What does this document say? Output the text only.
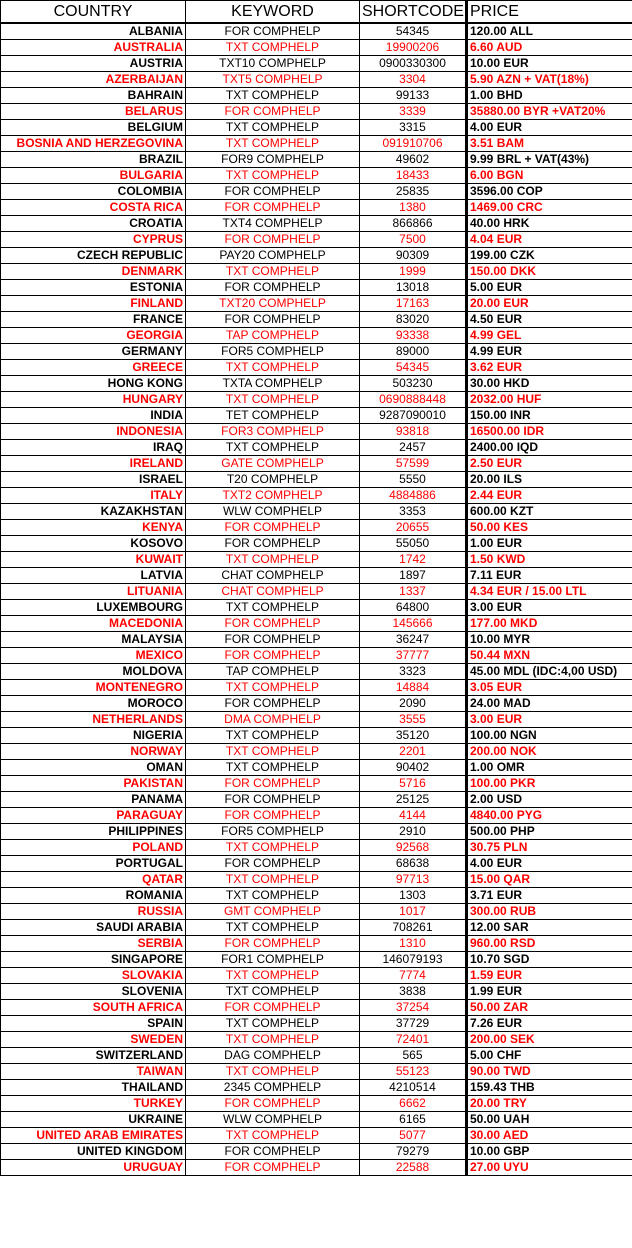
COUNTRY	KEYWORD	SHORTCODE	PRICE
ALBANIA	FOR COMPHELP	54345	120.00 ALL
AUSTRALIA	TXT COMPHELP	19900206	6.60 AUD
AUSTRIA	TXT10 COMPHELP	0900330300	10.00 EUR
AZERBAIJAN	TXT5 COMPHELP	3304	5.90 AZN + VAT(18%)
BAHRAIN	TXT COMPHELP	99133	1.00 BHD
BELARUS	FOR COMPHELP	3339	35880.00 BYR +VAT20%
BELGIUM	TXT COMPHELP	3315	4.00 EUR
BOSNIA AND HERZEGOVINA	TXT COMPHELP	091910706	3.51 BAM
BRAZIL	FOR9 COMPHELP	49602	9.99 BRL + VAT(43%)
BULGARIA	TXT COMPHELP	18433	6.00 BGN
COLOMBIA	FOR COMPHELP	25835	3596.00 COP
COSTA RICA	FOR COMPHELP	1380	1469.00 CRC
CROATIA	TXT4 COMPHELP	866866	40.00 HRK
CYPRUS	FOR COMPHELP	7500	4.04 EUR
CZECH REPUBLIC	PAY20 COMPHELP	90309	199.00 CZK
DENMARK	TXT COMPHELP	1999	150.00 DKK
ESTONIA	FOR COMPHELP	13018	5.00 EUR
FINLAND	TXT20 COMPHELP	17163	20.00 EUR
FRANCE	FOR COMPHELP	83020	4.50 EUR
GEORGIA	TAP COMPHELP	93338	4.99 GEL
GERMANY	FOR5 COMPHELP	89000	4.99 EUR
GREECE	TXT COMPHELP	54345	3.62 EUR
HONG KONG	TXTA COMPHELP	503230	30.00 HKD
HUNGARY	TXT COMPHELP	0690888448	2032.00 HUF
INDIA	TET COMPHELP	9287090010	150.00 INR
INDONESIA	FOR3 COMPHELP	93818	16500.00 IDR
IRAQ	TXT COMPHELP	2457	2400.00 IQD
IRELAND	GATE COMPHELP	57599	2.50 EUR
ISRAEL	T20 COMPHELP	5550	20.00 ILS
ITALY	TXT2 COMPHELP	4884886	2.44 EUR
KAZAKHSTAN	WLW COMPHELP	3353	600.00 KZT
KENYA	FOR COMPHELP	20655	50.00 KES
KOSOVO	FOR COMPHELP	55050	1.00 EUR
KUWAIT	TXT COMPHELP	1742	1.50 KWD
LATVIA	CHAT COMPHELP	1897	7.11 EUR
LITUANIA	CHAT COMPHELP	1337	4.34 EUR / 15.00 LTL
LUXEMBOURG	TXT COMPHELP	64800	3.00 EUR
MACEDONIA	FOR COMPHELP	145666	177.00 MKD
MALAYSIA	FOR COMPHELP	36247	10.00 MYR
MEXICO	FOR COMPHELP	37777	50.44 MXN
MOLDOVA	TAP COMPHELP	3323	45.00 MDL (IDC:4,00 USD)
MONTENEGRO	TXT COMPHELP	14884	3.05 EUR
MOROCO	FOR COMPHELP	2090	24.00 MAD
NETHERLANDS	DMA COMPHELP	3555	3.00 EUR
NIGERIA	TXT COMPHELP	35120	100.00 NGN
NORWAY	TXT COMPHELP	2201	200.00 NOK
OMAN	TXT COMPHELP	90402	1.00 OMR
PAKISTAN	FOR COMPHELP	5716	100.00 PKR
PANAMA	FOR COMPHELP	25125	2.00 USD
PARAGUAY	FOR COMPHELP	4144	4840.00 PYG
PHILIPPINES	FOR5 COMPHELP	2910	500.00 PHP
POLAND	TXT COMPHELP	92568	30.75 PLN
PORTUGAL	FOR COMPHELP	68638	4.00 EUR
QATAR	TXT COMPHELP	97713	15.00 QAR
ROMANIA	TXT COMPHELP	1303	3.71 EUR
RUSSIA	GMT COMPHELP	1017	300.00 RUB
SAUDI ARABIA	TXT COMPHELP	708261	12.00 SAR
SERBIA	FOR COMPHELP	1310	960.00 RSD
SINGAPORE	FOR1 COMPHELP	146079193	10.70 SGD
SLOVAKIA	TXT COMPHELP	7774	1.59 EUR
SLOVENIA	TXT COMPHELP	3838	1.99 EUR
SOUTH AFRICA	FOR COMPHELP	37254	50.00 ZAR
SPAIN	TXT COMPHELP	37729	7.26 EUR
SWEDEN	TXT COMPHELP	72401	200.00 SEK
SWITZERLAND	DAG COMPHELP	565	5.00 CHF
TAIWAN	TXT COMPHELP	55123	90.00 TWD
THAILAND	2345 COMPHELP	4210514	159.43 THB
TURKEY	FOR COMPHELP	6662	20.00 TRY
UKRAINE	WLW COMPHELP	6165	50.00 UAH
UNITED ARAB EMIRATES	TXT COMPHELP	5077	30.00 AED
UNITED KINGDOM	FOR COMPHELP	79279	10.00 GBP
URUGUAY	FOR COMPHELP	22588	27.00 UYU
